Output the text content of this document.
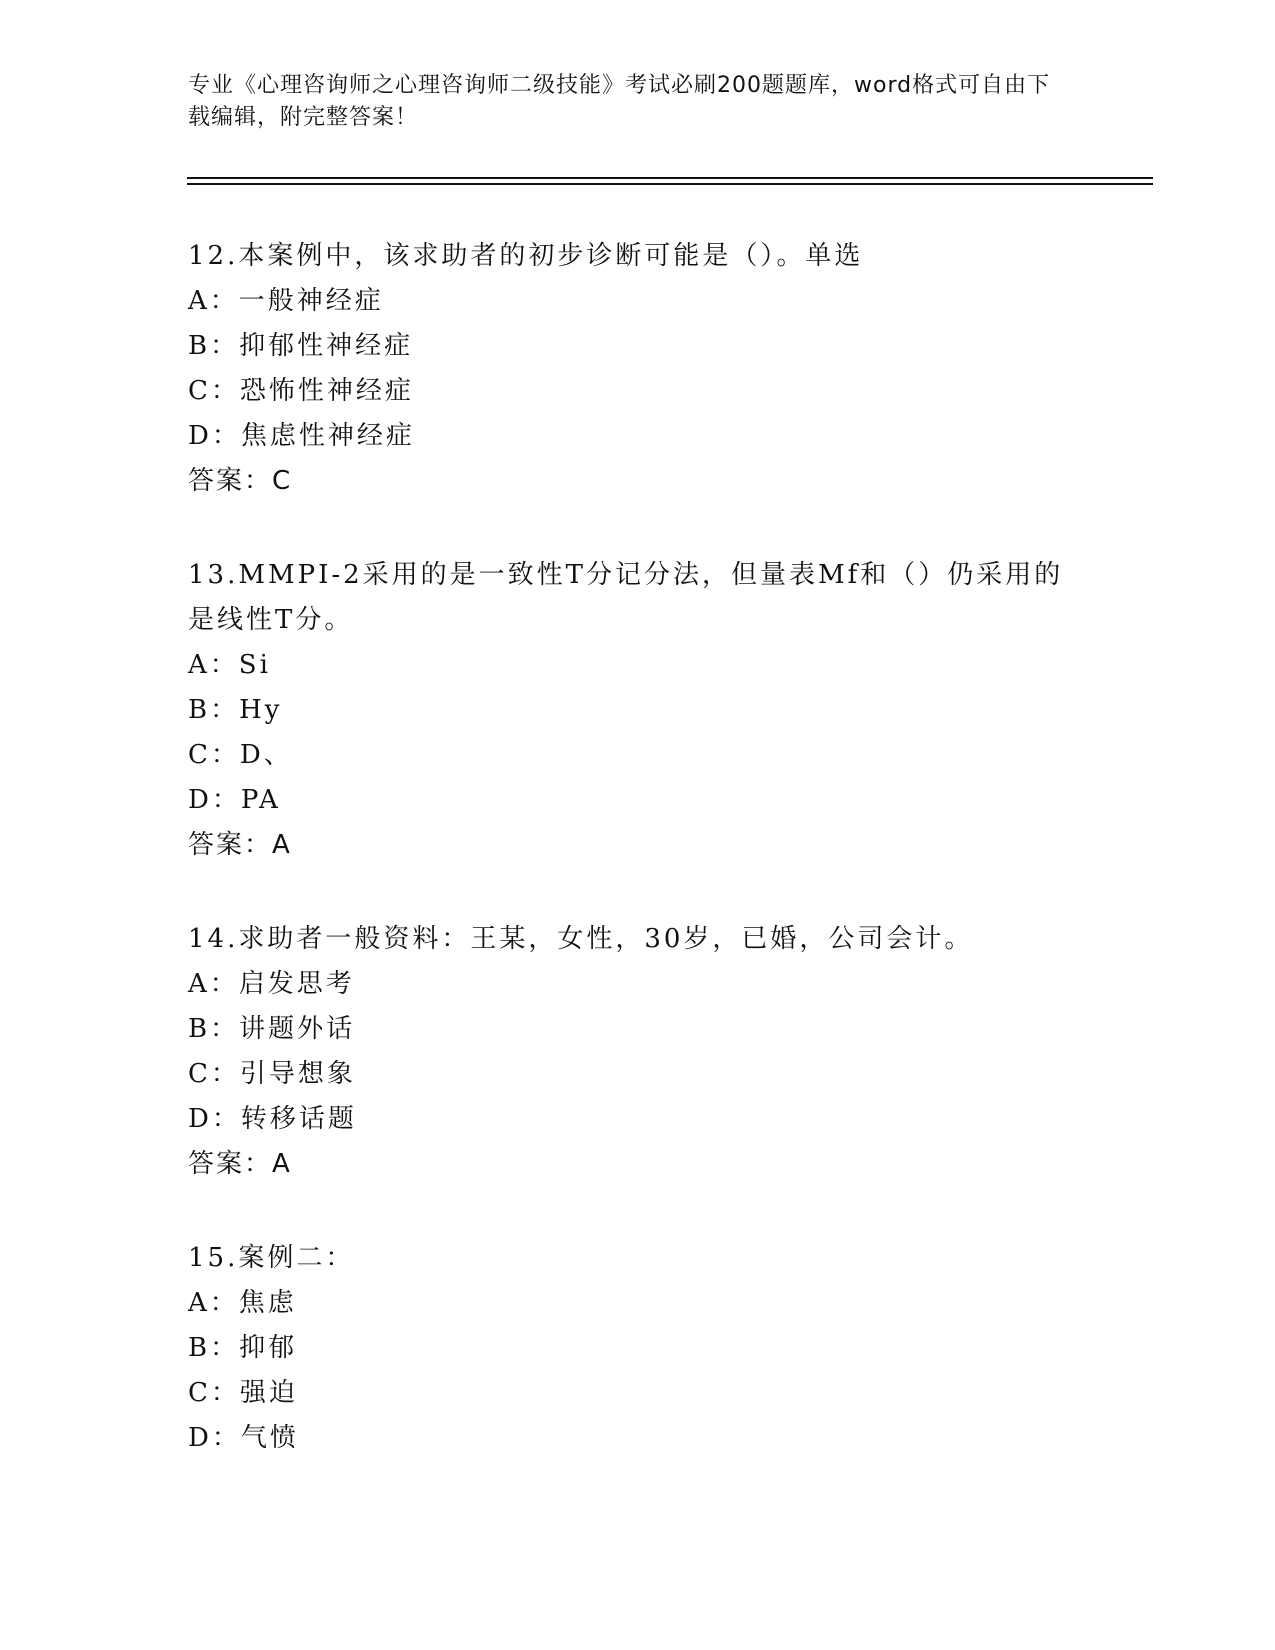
专业《心理咨询师之心理咨询师二级技能》考试必刷200题题库，word格式可自由下载编辑，附完整答案！
12.本案例中，该求助者的初步诊断可能是（）。单选
A：一般神经症
B：抑郁性神经症
C：恐怖性神经症
D：焦虑性神经症
答案：C
13.MMPI-2采用的是一致性T分记分法，但量表Mf和（）仍采用的是线性T分。
A：Si
B：Hy
C：D、
D：PA
答案：A
14.求助者一般资料：王某，女性，30岁，已婚，公司会计。
A：启发思考
B：讲题外话
C：引导想象
D：转移话题
答案：A
15.案例二：
A：焦虑
B：抑郁
C：强迫
D：气愤
